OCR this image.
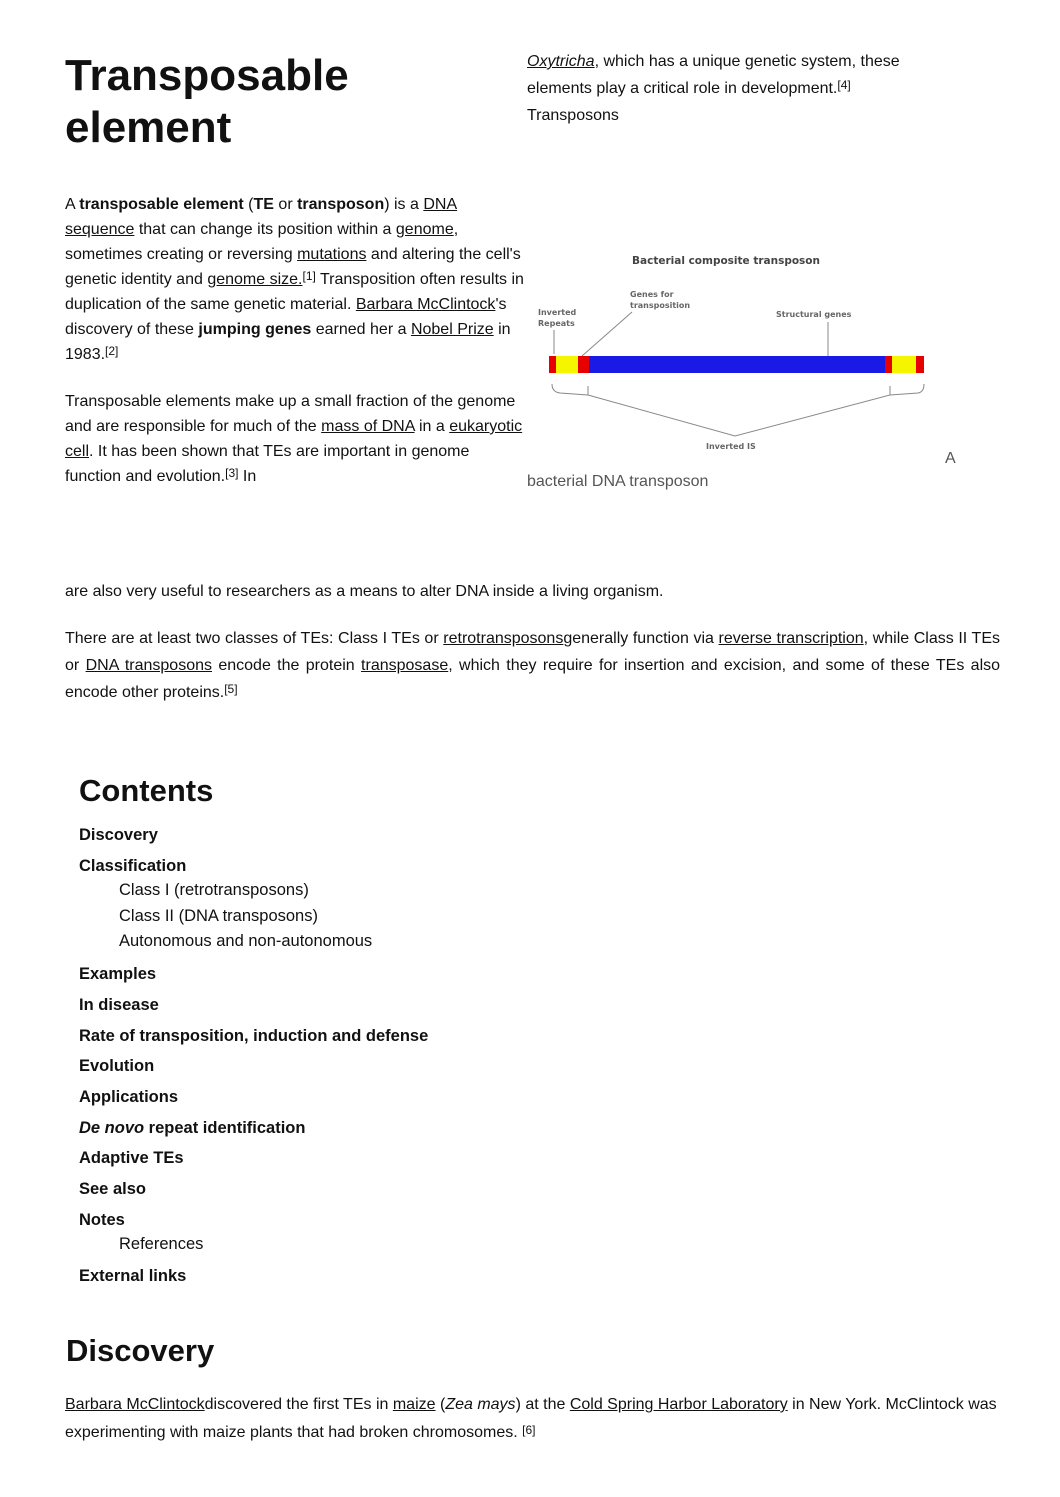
Transposable element

A transposable element (TE or transposon) is a DNA sequence that can change its position within a genome, sometimes creating or reversing mutations and altering the cell's genetic identity and genome size.[1] Transposition often results in duplication of the same genetic material. Barbara McClintock's discovery of these jumping genes earned her a Nobel Prize in 1983.[2]

Transposable elements make up a small fraction of the genome and are responsible for much of the mass of DNA in a eukaryotic cell. It has been shown that TEs are important in genome function and evolution.[3] In

Oxytricha, which has a unique genetic system, these elements play a critical role in development.[4]
Transposons
Bacterial composite transposon
Inverted
Repeats
Genes for
transposition
Structural genes
Inverted IS
A
bacterial DNA transposon

are also very useful to researchers as a means to alter DNA inside a living organism.

There are at least two classes of TEs: Class I TEs or retrotransposonsgenerally function via reverse transcription, while Class II TEs or DNA transposons encode the protein transposase, which they require for insertion and excision, and some of these TEs also encode other proteins.[5]

Contents
Discovery
Classification
Class I (retrotransposons)
Class II (DNA transposons)
Autonomous and non-autonomous
Examples
In disease
Rate of transposition, induction and defense
Evolution
Applications
De novo repeat identification
Adaptive TEs
See also
Notes
References
External links
Discovery

Barbara McClintockdiscovered the first TEs in maize (Zea mays) at the Cold Spring Harbor Laboratory in New York. McClintock was experimenting with maize plants that had broken chromosomes. [6]
